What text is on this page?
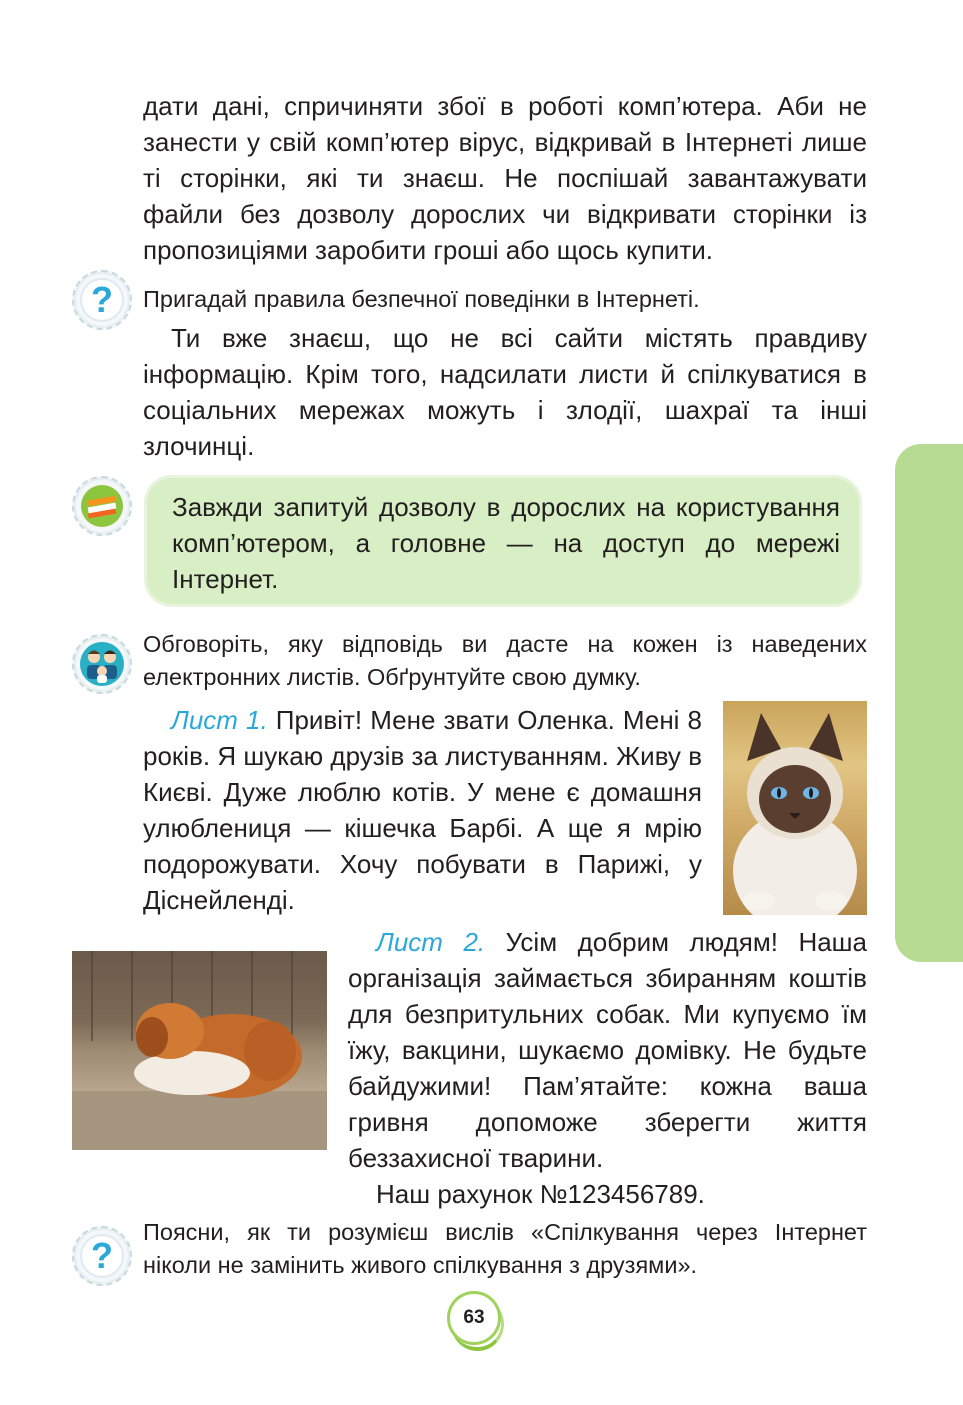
дати дані, спричиняти збої в роботі комп’ютера. Аби не занести у свій комп’ютер вірус, відкривай в Інтернеті лише ті сторінки, які ти знаєш. Не поспішай завантажувати файли без дозволу дорослих чи відкривати сторінки із пропозиціями заробити гроші або щось купити.

?	Пригадай правила безпечної поведінки в Інтернеті.

Ти вже знаєш, що не всі сайти містять правдиву інформацію. Крім того, надсилати листи й спілкуватися в соціальних мережах можуть і злодії, шахраї та інші злочинці.

Завжди запитуй дозволу в дорослих на користування комп’ютером, а головне — на доступ до мережі Інтернет.

Обговоріть, яку відповідь ви дасте на кожен із наведених електронних листів. Обґрунтуйте свою думку.

Лист 1. Привіт! Мене звати Оленка. Мені 8 років. Я шукаю друзів за листуванням. Живу в Києві. Дуже люблю котів. У мене є домашня улюблениця — кішечка Барбі. А ще я мрію подорожувати. Хочу побувати в Парижі, у Діснейленді.
Лист 2. Усім добрим людям! Наша організація займається збиранням коштів для безпритульних собак. Ми купуємо їм їжу, вакцини, шукаємо домівку. Не будьте байдужими! Пам’ятайте: кожна ваша гривня допоможе зберегти життя беззахисної тварини.

Наш рахунок №123456789.

?

Поясни, як ти розумієш вислів «Спілкування через Інтернет ніколи не замінить живого спілкування з друзями».

63
